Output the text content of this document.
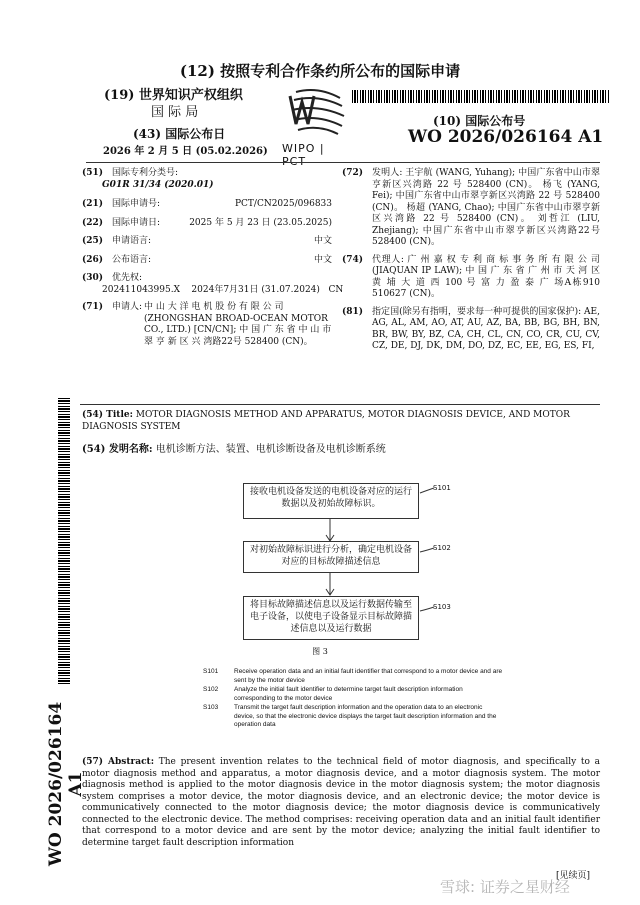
(12) 按照专利合作条约所公布的国际申请
(19) 世界知识产权组织
国 际 局
(43) 国际公布日
2026 年 2 月 5 日 (05.02.2026) WIPO | PCT
(10) 国际公布号
WO 2026/026164 A1
WO 2026/026164 A1
(51) 国际专利分类号:
G01R 31/34 (2020.01)
(21) 国际申请号:	PCT/CN2025/096833
(22) 国际申请日:	2025 年 5 月 23 日 (23.05.2025)
(25) 申请语言:	中文
(26) 公布语言:	中文
(30) 优先权:
202411043995.X    2024年7月31日 (31.07.2024)   CN
(71) 申请人: 中 山 大 洋 电 机 股 份 有 限 公 司 (ZHONGSHAN BROAD-OCEAN MOTOR CO., LTD.) [CN/CN]; 中 国 广 东 省 中 山 市 翠 亨 新 区 兴 湾路22号 528400 (CN)。
(72) 发明人: 王宇航 (WANG, Yuhang); 中国广东省中山市翠亨新区兴湾路 22 号 528400 (CN)。 杨飞 (YANG, Fei); 中国广东省中山市翠亨新区兴湾路 22 号 528400 (CN)。 杨超 (YANG, Chao); 中国广东省中山市翠亨新区兴湾路 22 号 528400 (CN)。 刘哲江 (LIU, Zhejiang); 中国广东省中山市翠亨新区兴湾路22号 528400 (CN)。
(74) 代理人: 广 州 嘉 权 专 利 商 标 事 务 所 有 限 公 司 (JIAQUAN IP LAW); 中 国 广 东 省 广 州 市 天 河 区 黄 埔 大 道 西 100 号 富 力 盈 泰 广 场A栋910 510627 (CN)。
(81) 指定国(除另有指明，要求每一种可提供的国家保护): AE, AG, AL, AM, AO, AT, AU, AZ, BA, BB, BG, BH, BN, BR, BW, BY, BZ, CA, CH, CL, CN, CO, CR, CU, CV, CZ, DE, DJ, DK, DM, DO, DZ, EC, EE, EG, ES, FI,
(54) Title: MOTOR DIAGNOSIS METHOD AND APPARATUS, MOTOR DIAGNOSIS DEVICE, AND MOTOR DIAGNOSIS SYSTEM
(54) 发明名称: 电机诊断方法、装置、电机诊断设备及电机诊断系统
接收电机设备发送的电机设备对应的运行数据以及初始故障标识。
对初始故障标识进行分析，确定电机设备对应的目标故障描述信息
将目标故障描述信息以及运行数据传输至电子设备，以使电子设备显示目标故障描述信息以及运行数据
S101
S102
S103
图 3
S101	Receive operation data and an initial fault identifier that correspond to a motor device and are sent by the motor device
S102	Analyze the initial fault identifier to determine target fault description information corresponding to the motor device
S103	Transmit the target fault description information and the operation data to an electronic device, so that the electronic device displays the target fault description information and the operation data
(57) Abstract: The present invention relates to the technical field of motor diagnosis, and specifically to a motor diagnosis method and apparatus, a motor diagnosis device, and a motor diagnosis system. The motor diagnosis method is applied to the motor diagnosis device in the motor diagnosis system; the motor diagnosis system comprises a motor device, the motor diagnosis device, and an electronic device; the motor device is communicatively connected to the motor diagnosis device; the motor diagnosis device is communicatively connected to the electronic device. The method comprises: receiving operation data and an initial fault identifier that correspond to a motor device and are sent by the motor device; analyzing the initial fault identifier to determine target fault description information
[见续页]
雪球: 证券之星财经
